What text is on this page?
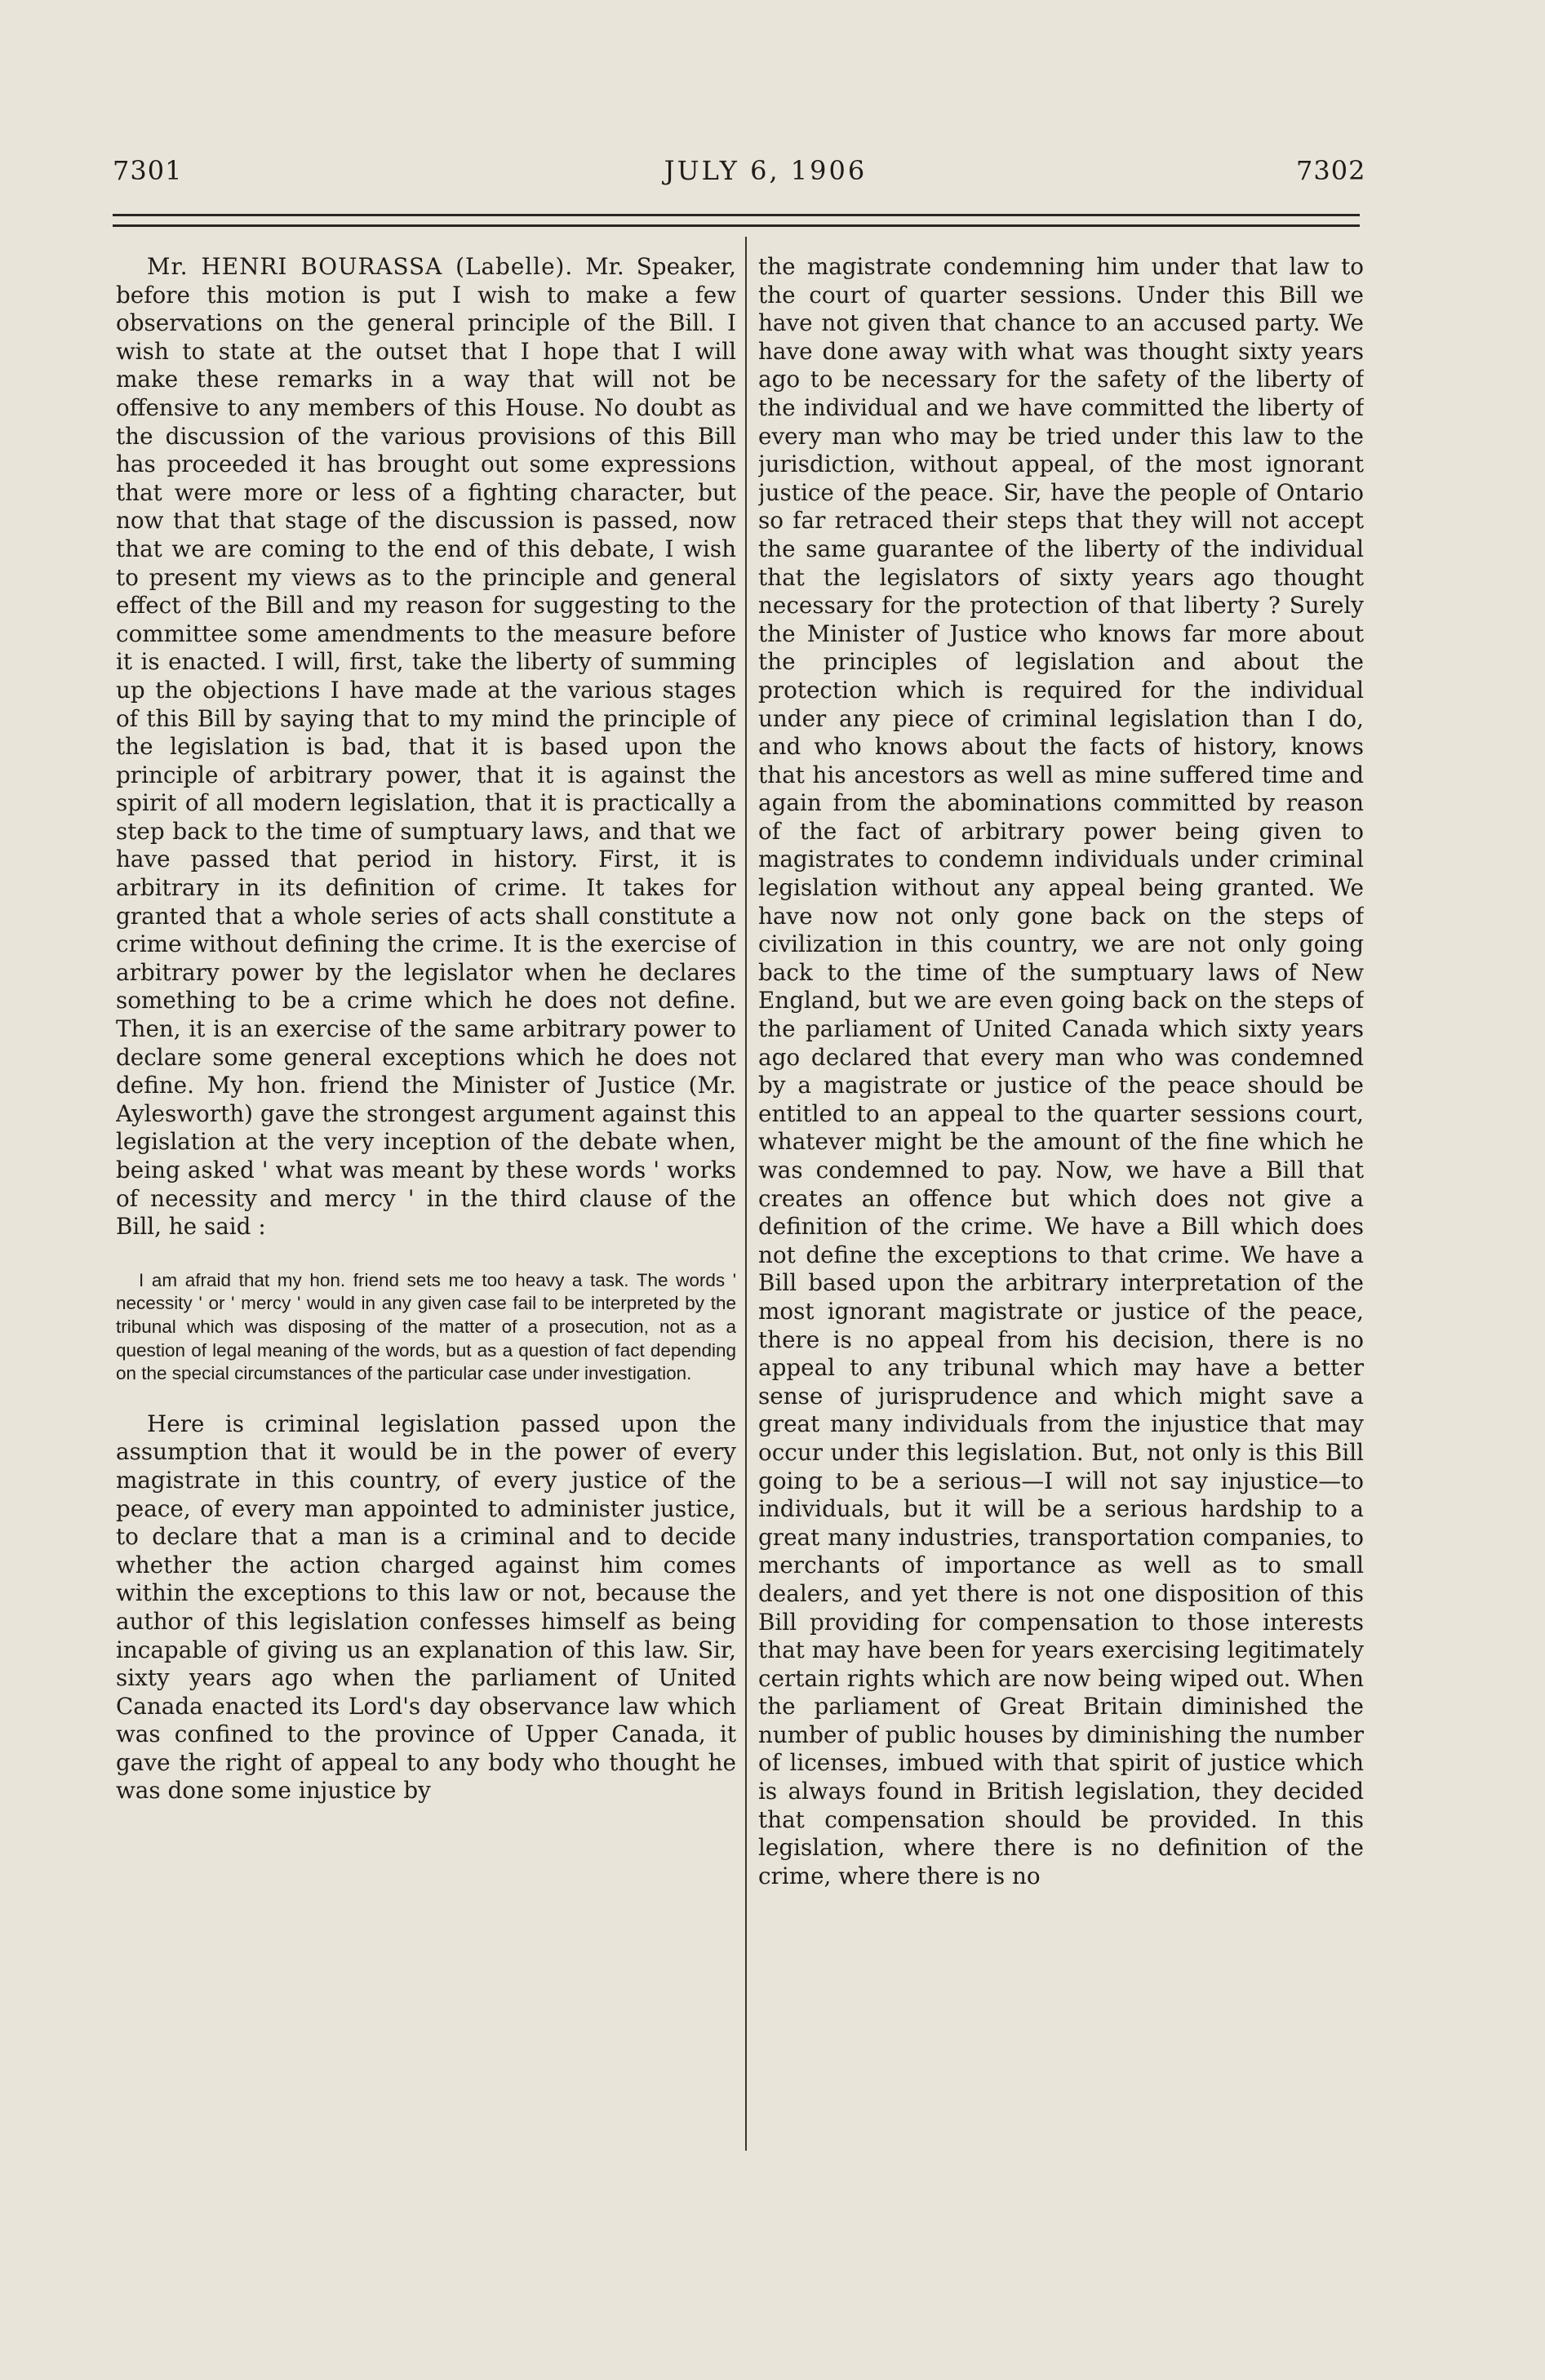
7301	JULY 6, 1906	7302

Mr. HENRI BOURASSA (Labelle). Mr. Speaker, before this motion is put I wish to make a few observations on the general principle of the Bill. I wish to state at the outset that I hope that I will make these remarks in a way that will not be offensive to any members of this House. No doubt as the discussion of the various provisions of this Bill has proceeded it has brought out some expressions that were more or less of a fighting character, but now that that stage of the discussion is passed, now that we are coming to the end of this debate, I wish to present my views as to the principle and general effect of the Bill and my reason for suggesting to the committee some amendments to the measure before it is enacted. I will, first, take the liberty of summing up the objections I have made at the various stages of this Bill by saying that to my mind the principle of the legislation is bad, that it is based upon the principle of arbitrary power, that it is against the spirit of all modern legislation, that it is practically a step back to the time of sumptuary laws, and that we have passed that period in history. First, it is arbitrary in its definition of crime. It takes for granted that a whole series of acts shall constitute a crime without defining the crime. It is the exercise of arbitrary power by the legislator when he declares something to be a crime which he does not define. Then, it is an exercise of the same arbitrary power to declare some general exceptions which he does not define. My hon. friend the Minister of Justice (Mr. Aylesworth) gave the strongest argument against this legislation at the very inception of the debate when, being asked ' what was meant by these words ' works of necessity and mercy ' in the third clause of the Bill, he said :

I am afraid that my hon. friend sets me too heavy a task. The words ' necessity ' or ' mercy ' would in any given case fail to be interpreted by the tribunal which was disposing of the matter of a prosecution, not as a question of legal meaning of the words, but as a question of fact depending on the special circumstances of the particular case under investigation.

Here is criminal legislation passed upon the assumption that it would be in the power of every magistrate in this country, of every justice of the peace, of every man appointed to administer justice, to declare that a man is a criminal and to decide whether the action charged against him comes within the exceptions to this law or not, because the author of this legislation confesses himself as being incapable of giving us an explanation of this law. Sir, sixty years ago when the parliament of United Canada enacted its Lord's day observance law which was confined to the province of Upper Canada, it gave the right of appeal to any body who thought he was done some injustice by

the magistrate condemning him under that law to the court of quarter sessions. Under this Bill we have not given that chance to an accused party. We have done away with what was thought sixty years ago to be necessary for the safety of the liberty of the individual and we have committed the liberty of every man who may be tried under this law to the jurisdiction, without appeal, of the most ignorant justice of the peace. Sir, have the people of Ontario so far retraced their steps that they will not accept the same guarantee of the liberty of the individual that the legislators of sixty years ago thought necessary for the protection of that liberty ? Surely the Minister of Justice who knows far more about the principles of legislation and about the protection which is required for the individual under any piece of criminal legislation than I do, and who knows about the facts of history, knows that his ancestors as well as mine suffered time and again from the abominations committed by reason of the fact of arbitrary power being given to magistrates to condemn individuals under criminal legislation without any appeal being granted. We have now not only gone back on the steps of civilization in this country, we are not only going back to the time of the sumptuary laws of New England, but we are even going back on the steps of the parliament of United Canada which sixty years ago declared that every man who was condemned by a magistrate or justice of the peace should be entitled to an appeal to the quarter sessions court, whatever might be the amount of the fine which he was condemned to pay. Now, we have a Bill that creates an offence but which does not give a definition of the crime. We have a Bill which does not define the exceptions to that crime. We have a Bill based upon the arbitrary interpretation of the most ignorant magistrate or justice of the peace, there is no appeal from his decision, there is no appeal to any tribunal which may have a better sense of jurisprudence and which might save a great many individuals from the injustice that may occur under this legislation. But, not only is this Bill going to be a serious—I will not say injustice—to individuals, but it will be a serious hardship to a great many industries, transportation companies, to merchants of importance as well as to small dealers, and yet there is not one disposition of this Bill providing for compensation to those interests that may have been for years exercising legitimately certain rights which are now being wiped out. When the parliament of Great Britain diminished the number of public houses by diminishing the number of licenses, imbued with that spirit of justice which is always found in British legislation, they decided that compensation should be provided. In this legislation, where there is no definition of the crime, where there is no
